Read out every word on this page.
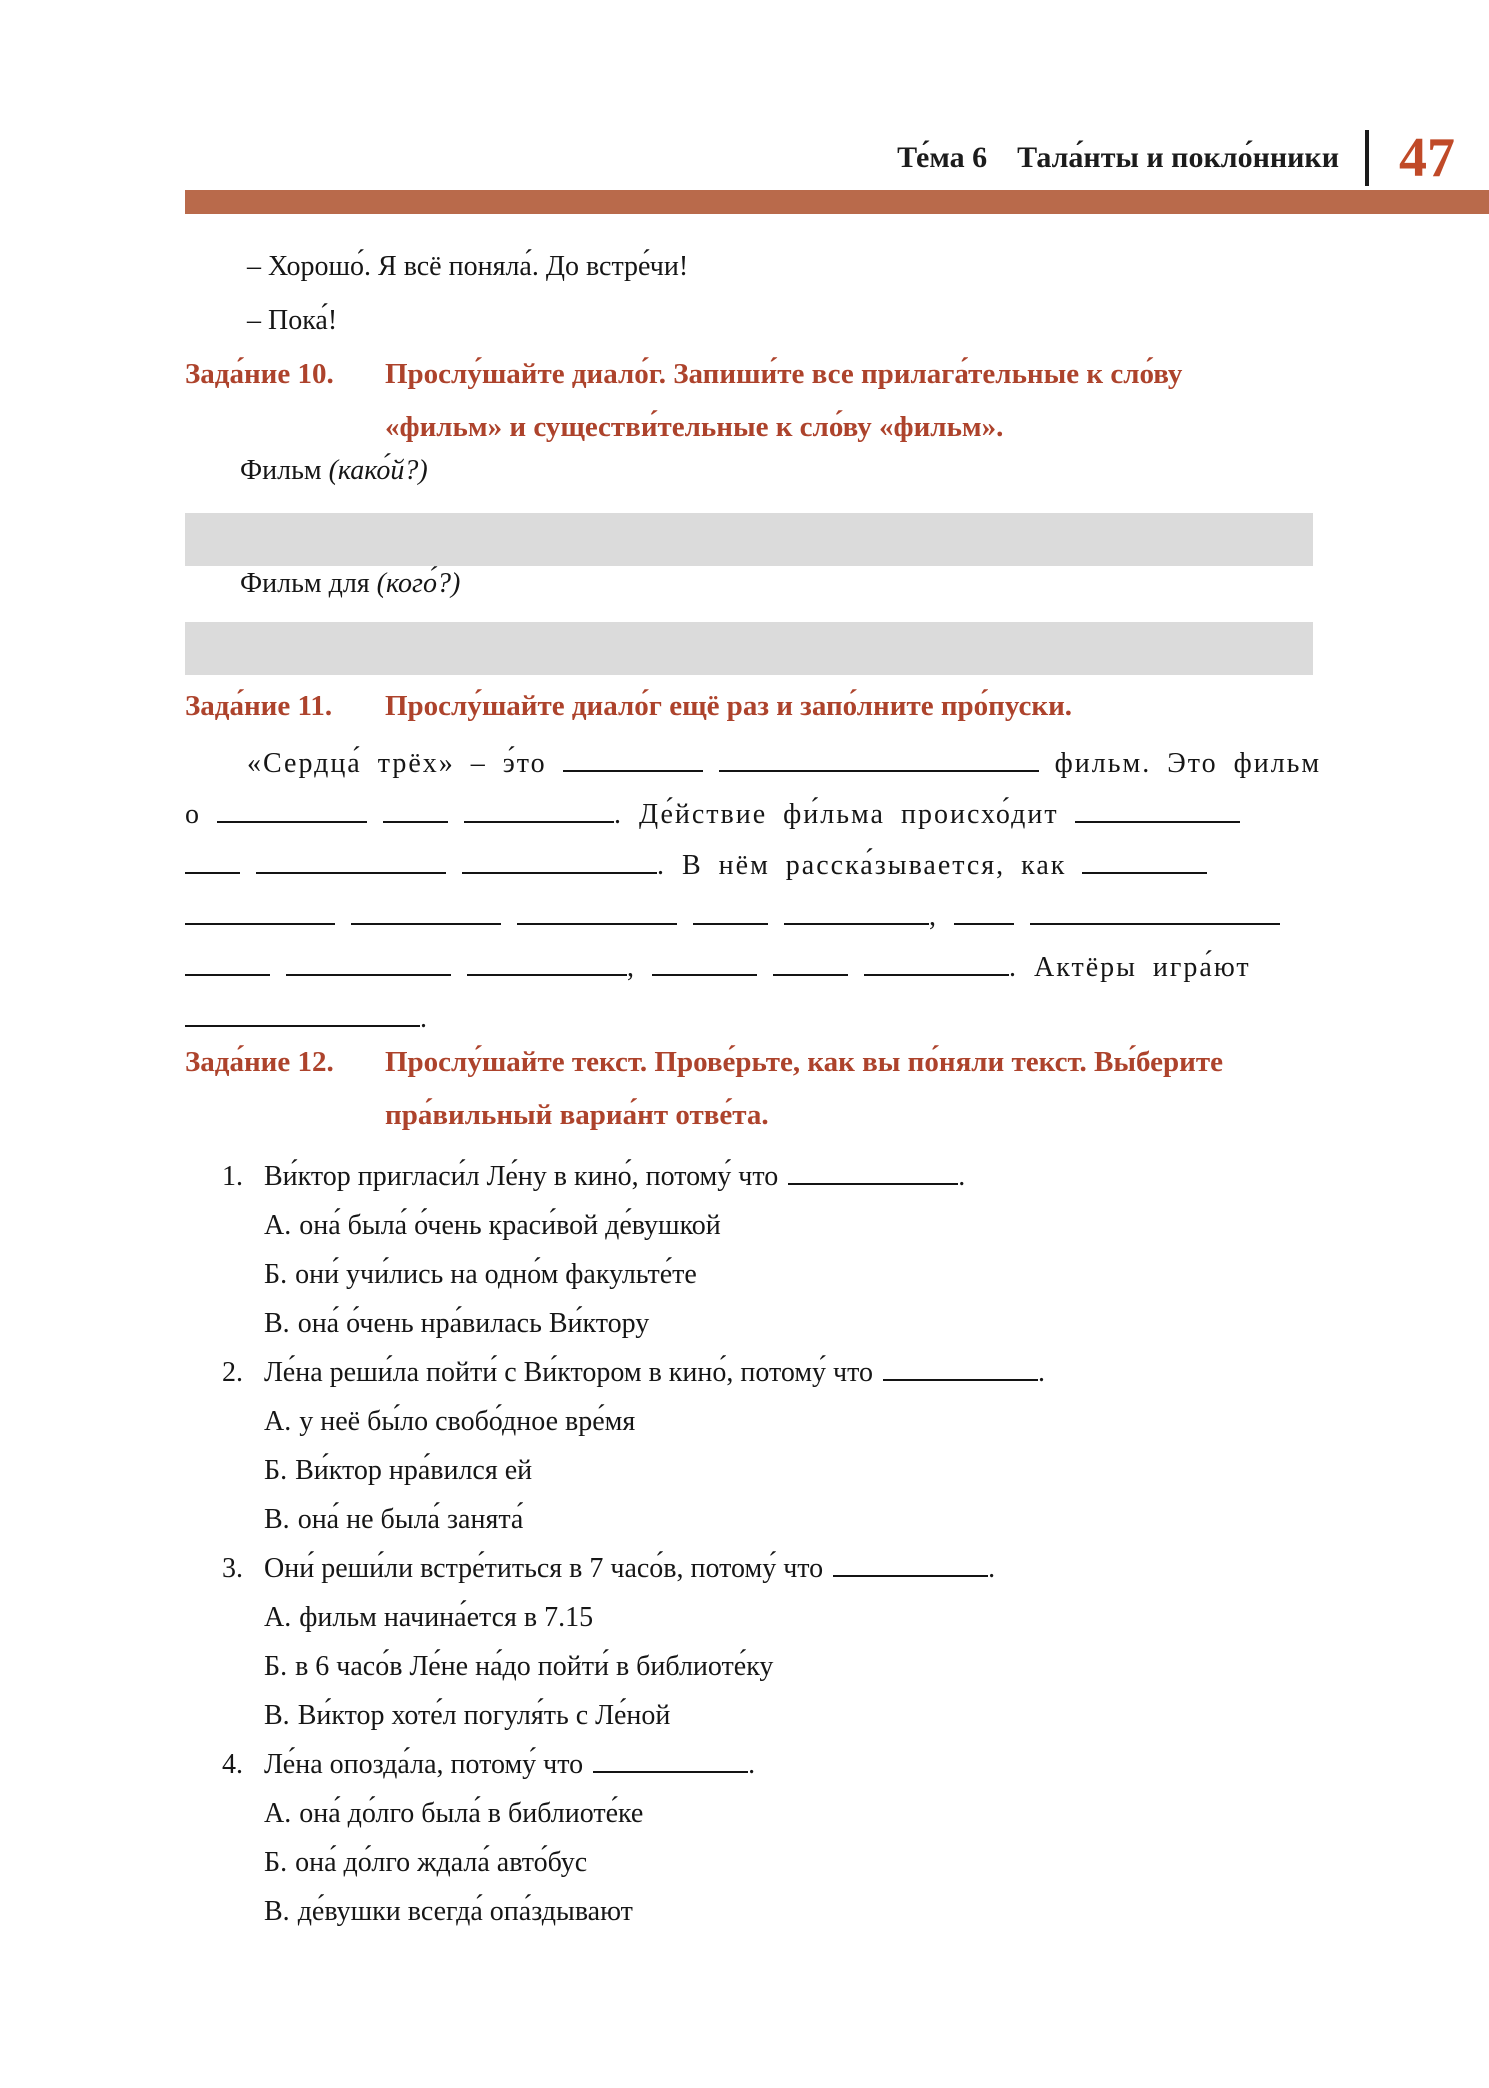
Те́ма 6 Тала́нты и покло́нники 47
– Хорошо́. Я всё поняла́. До встре́чи!
– Пока́!
Зада́ние 10.	Прослу́шайте диало́г. Запиши́те все прилага́тельные к сло́ву
«фильм» и существи́тельные к сло́ву «фильм».
Фильм (како́й?)
Фильм для (кого́?)
Зада́ние 11.	Прослу́шайте диало́г ещё раз и запо́лните про́пуски.
«Сердца́ трёх» – э́то	фильм. Это фильм
о	. Де́йствие фи́льма происхо́дит
. В нём расска́зывается, как
,
,	. Актёры игра́ют
.
Зада́ние 12.	Прослу́шайте текст. Прове́рьте, как вы по́няли текст. Вы́берите
пра́вильный вариа́нт отве́та.
1. Ви́ктор пригласи́л Ле́ну в кино́, потому́ что	.
А. она́ была́ о́чень краси́вой де́вушкой
Б. они́ учи́лись на одно́м факульте́те
В. она́ о́чень нра́вилась Ви́ктору
2. Ле́на реши́ла пойти́ с Ви́ктором в кино́, потому́ что	.
А. у неё бы́ло свобо́дное вре́мя
Б. Ви́ктор нра́вился ей
В. она́ не была́ занята́
3. Они́ реши́ли встре́титься в 7 часо́в, потому́ что	.
А. фильм начина́ется в 7.15
Б. в 6 часо́в Ле́не на́до пойти́ в библиоте́ку
В. Ви́ктор хоте́л погуля́ть с Ле́ной
4. Ле́на опозда́ла, потому́ что	.
А. она́ до́лго была́ в библиоте́ке
Б. она́ до́лго ждала́ авто́бус
В. де́вушки всегда́ опа́здывают
